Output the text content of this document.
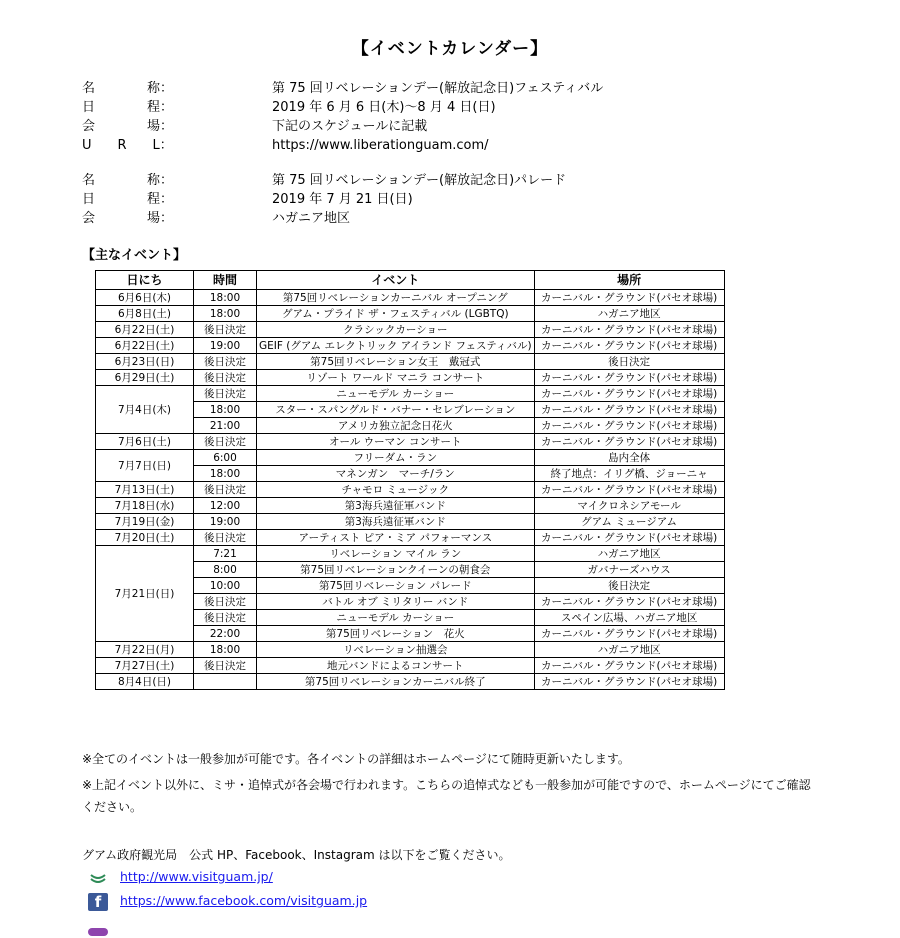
【イベントカレンダー】
名　　　　称：	第 75 回リベレーションデー(解放記念日)フェスティバル
日　　　　程：	2019 年 6 月 6 日(木)～8 月 4 日(日)
会　　　　場：	下記のスケジュールに記載
U　　R　　L：	https://www.liberationguam.com/
名　　　　称：	第 75 回リベレーションデー(解放記念日)パレード
日　　　　程：	2019 年 7 月 21 日(日)
会　　　　場：	ハガニア地区
【主なイベント】
日にち	時間	イベント	場所
6月6日(木)	18:00	第75回リベレーションカーニバル オープニング	カーニバル・グラウンド(パセオ球場)
6月8日(土)	18:00	グアム・プライド ザ・フェスティバル (LGBTQ)	ハガニア地区
6月22日(土)	後日決定	クラシックカーショー	カーニバル・グラウンド(パセオ球場)
6月22日(土)	19:00	GEIF (グアム エレクトリック アイランド フェスティバル)	カーニバル・グラウンド(パセオ球場)
6月23日(日)	後日決定	第75回リベレーション女王　戴冠式	後日決定
6月29日(土)	後日決定	リゾート ワールド マニラ コンサート	カーニバル・グラウンド(パセオ球場)
7月4日(木)	後日決定	ニューモデル カーショー	カーニバル・グラウンド(パセオ球場)
	18:00	スター・スパングルド・バナー・セレブレーション	カーニバル・グラウンド(パセオ球場)
	21:00	アメリカ独立記念日花火	カーニバル・グラウンド(パセオ球場)
7月6日(土)	後日決定	オール ウーマン コンサート	カーニバル・グラウンド(パセオ球場)
7月7日(日)	6:00	フリーダム・ラン	島内全体
	18:00	マネンガン　マーチ/ラン	終了地点：イリグ橋、ジョーニャ
7月13日(土)	後日決定	チャモロ ミュージック	カーニバル・グラウンド(パセオ球場)
7月18日(水)	12:00	第3海兵遠征軍バンド	マイクロネシアモール
7月19日(金)	19:00	第3海兵遠征軍バンド	グアム ミュージアム
7月20日(土)	後日決定	アーティスト ピア・ミア パフォーマンス	カーニバル・グラウンド(パセオ球場)
7月21日(日)	7:21	リベレーション マイル ラン	ハガニア地区
	8:00	第75回リベレーションクイーンの朝食会	ガバナーズハウス
	10:00	第75回リベレーション パレード	後日決定
	後日決定	バトル オブ ミリタリー バンド	カーニバル・グラウンド(パセオ球場)
	後日決定	ニューモデル カーショー	スペイン広場、ハガニア地区
	22:00	第75回リベレーション　花火	カーニバル・グラウンド(パセオ球場)
7月22日(月)	18:00	リベレーション抽選会	ハガニア地区
7月27日(土)	後日決定	地元バンドによるコンサート	カーニバル・グラウンド(パセオ球場)
8月4日(日)		第75回リベレーションカーニバル終了	カーニバル・グラウンド(パセオ球場)
※全てのイベントは一般参加が可能です。各イベントの詳細はホームページにて随時更新いたします。
※上記イベント以外に、ミサ・追悼式が各会場で行われます。こちらの追悼式なども一般参加が可能ですので、ホームページにてご確認ください。
グアム政府観光局　公式 HP、Facebook、Instagram は以下をご覧ください。
http://www.visitguam.jp/
f https://www.facebook.com/visitguam.jp
